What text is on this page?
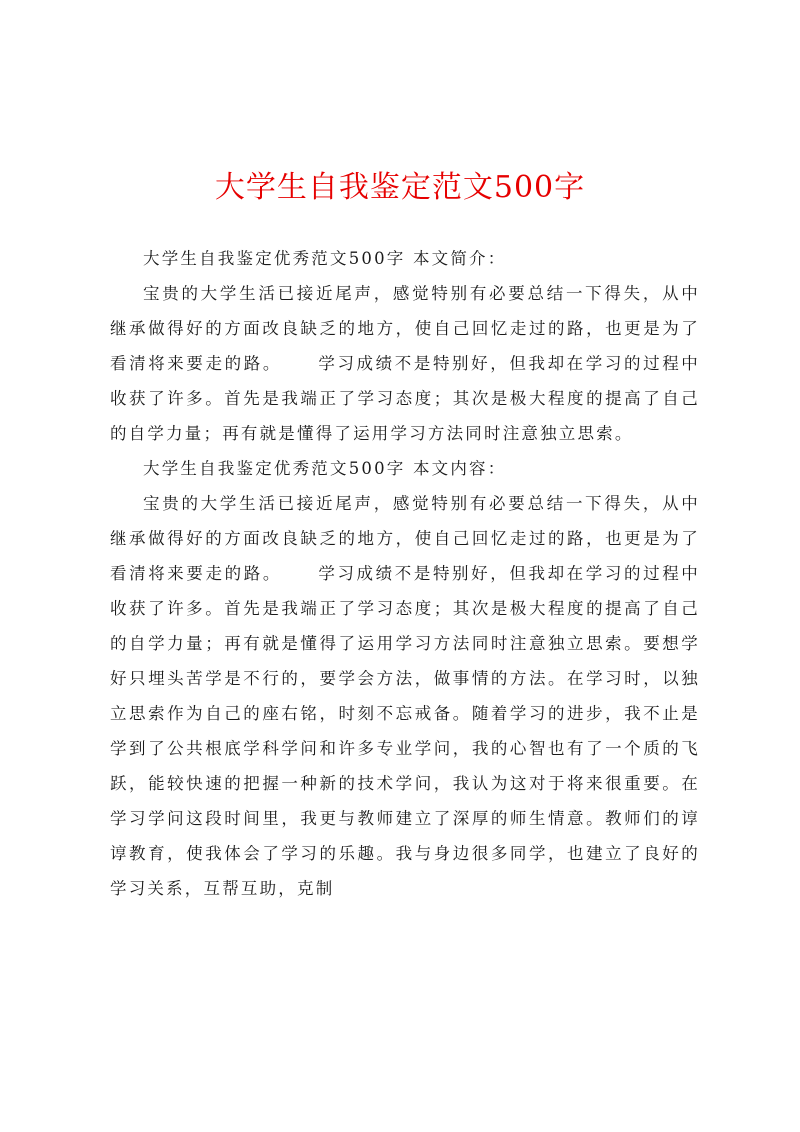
大学生自我鉴定范文500字

大学生自我鉴定优秀范文500字 本文简介：

宝贵的大学生活已接近尾声，感觉特别有必要总结一下得失，从中继承做得好的方面改良缺乏的地方，使自己回忆走过的路，也更是为了看清将来要走的路。 学习成绩不是特别好，但我却在学习的过程中收获了许多。首先是我端正了学习态度；其次是极大程度的提高了自己的自学力量；再有就是懂得了运用学习方法同时注意独立思索。

大学生自我鉴定优秀范文500字 本文内容：

宝贵的大学生活已接近尾声，感觉特别有必要总结一下得失，从中继承做得好的方面改良缺乏的地方，使自己回忆走过的路，也更是为了看清将来要走的路。 学习成绩不是特别好，但我却在学习的过程中收获了许多。首先是我端正了学习态度；其次是极大程度的提高了自己的自学力量；再有就是懂得了运用学习方法同时注意独立思索。要想学好只埋头苦学是不行的，要学会方法，做事情的方法。在学习时，以独立思索作为自己的座右铭，时刻不忘戒备。随着学习的进步，我不止是学到了公共根底学科学问和许多专业学问，我的心智也有了一个质的飞跃，能较快速的把握一种新的技术学问，我认为这对于将来很重要。在学习学问这段时间里，我更与教师建立了深厚的师生情意。教师们的谆谆教育，使我体会了学习的乐趣。我与身边很多同学，也建立了良好的学习关系，互帮互助，克制
